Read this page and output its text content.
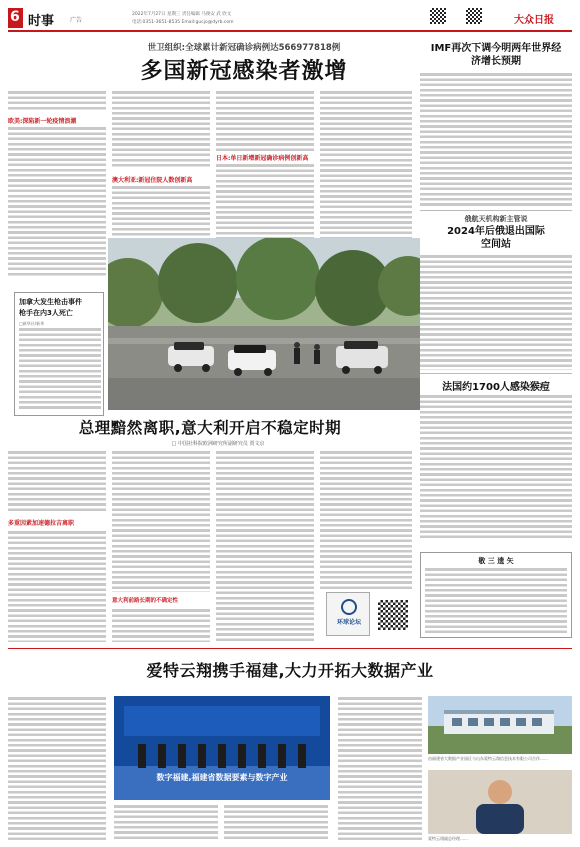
6 时事	广告
2022年7月27日 星期三 责任编辑 马俊安 武 欣文
电话:0351-3651-8535 Email:gucjo@dyrb.com	大众日报
世卫组织:全球累计新冠确诊病例达566977818例
多国新冠感染者激增
欧美:深陷新一轮疫情浪潮
澳大利亚:新冠住院人数创新高
日本:单日新增新冠确诊病例创新高
加拿大发生枪击事件
枪手在内3人死亡
□新华社/新华
IMF再次下调今明两年世界经济增长预期
俄航天机构新主管说
2024年后俄退出国际空间站
法国约1700人感染猴痘
敬 三 遗 矢
总理黯然离职,意大利开启不稳定时期
□ 中国社科院欧洲研究所副研究员 贾文京
多重因素加速德拉吉离职
意大利前路长期的不确定性
环球论坛
爱特云翔携手福建,大力开拓大数据产业
数字福建,福建省数据要素与数字产业
由福建省大数据产业园区与山东爱特云翔信息技术有限公司合作……
爱特云翔副总经理……
